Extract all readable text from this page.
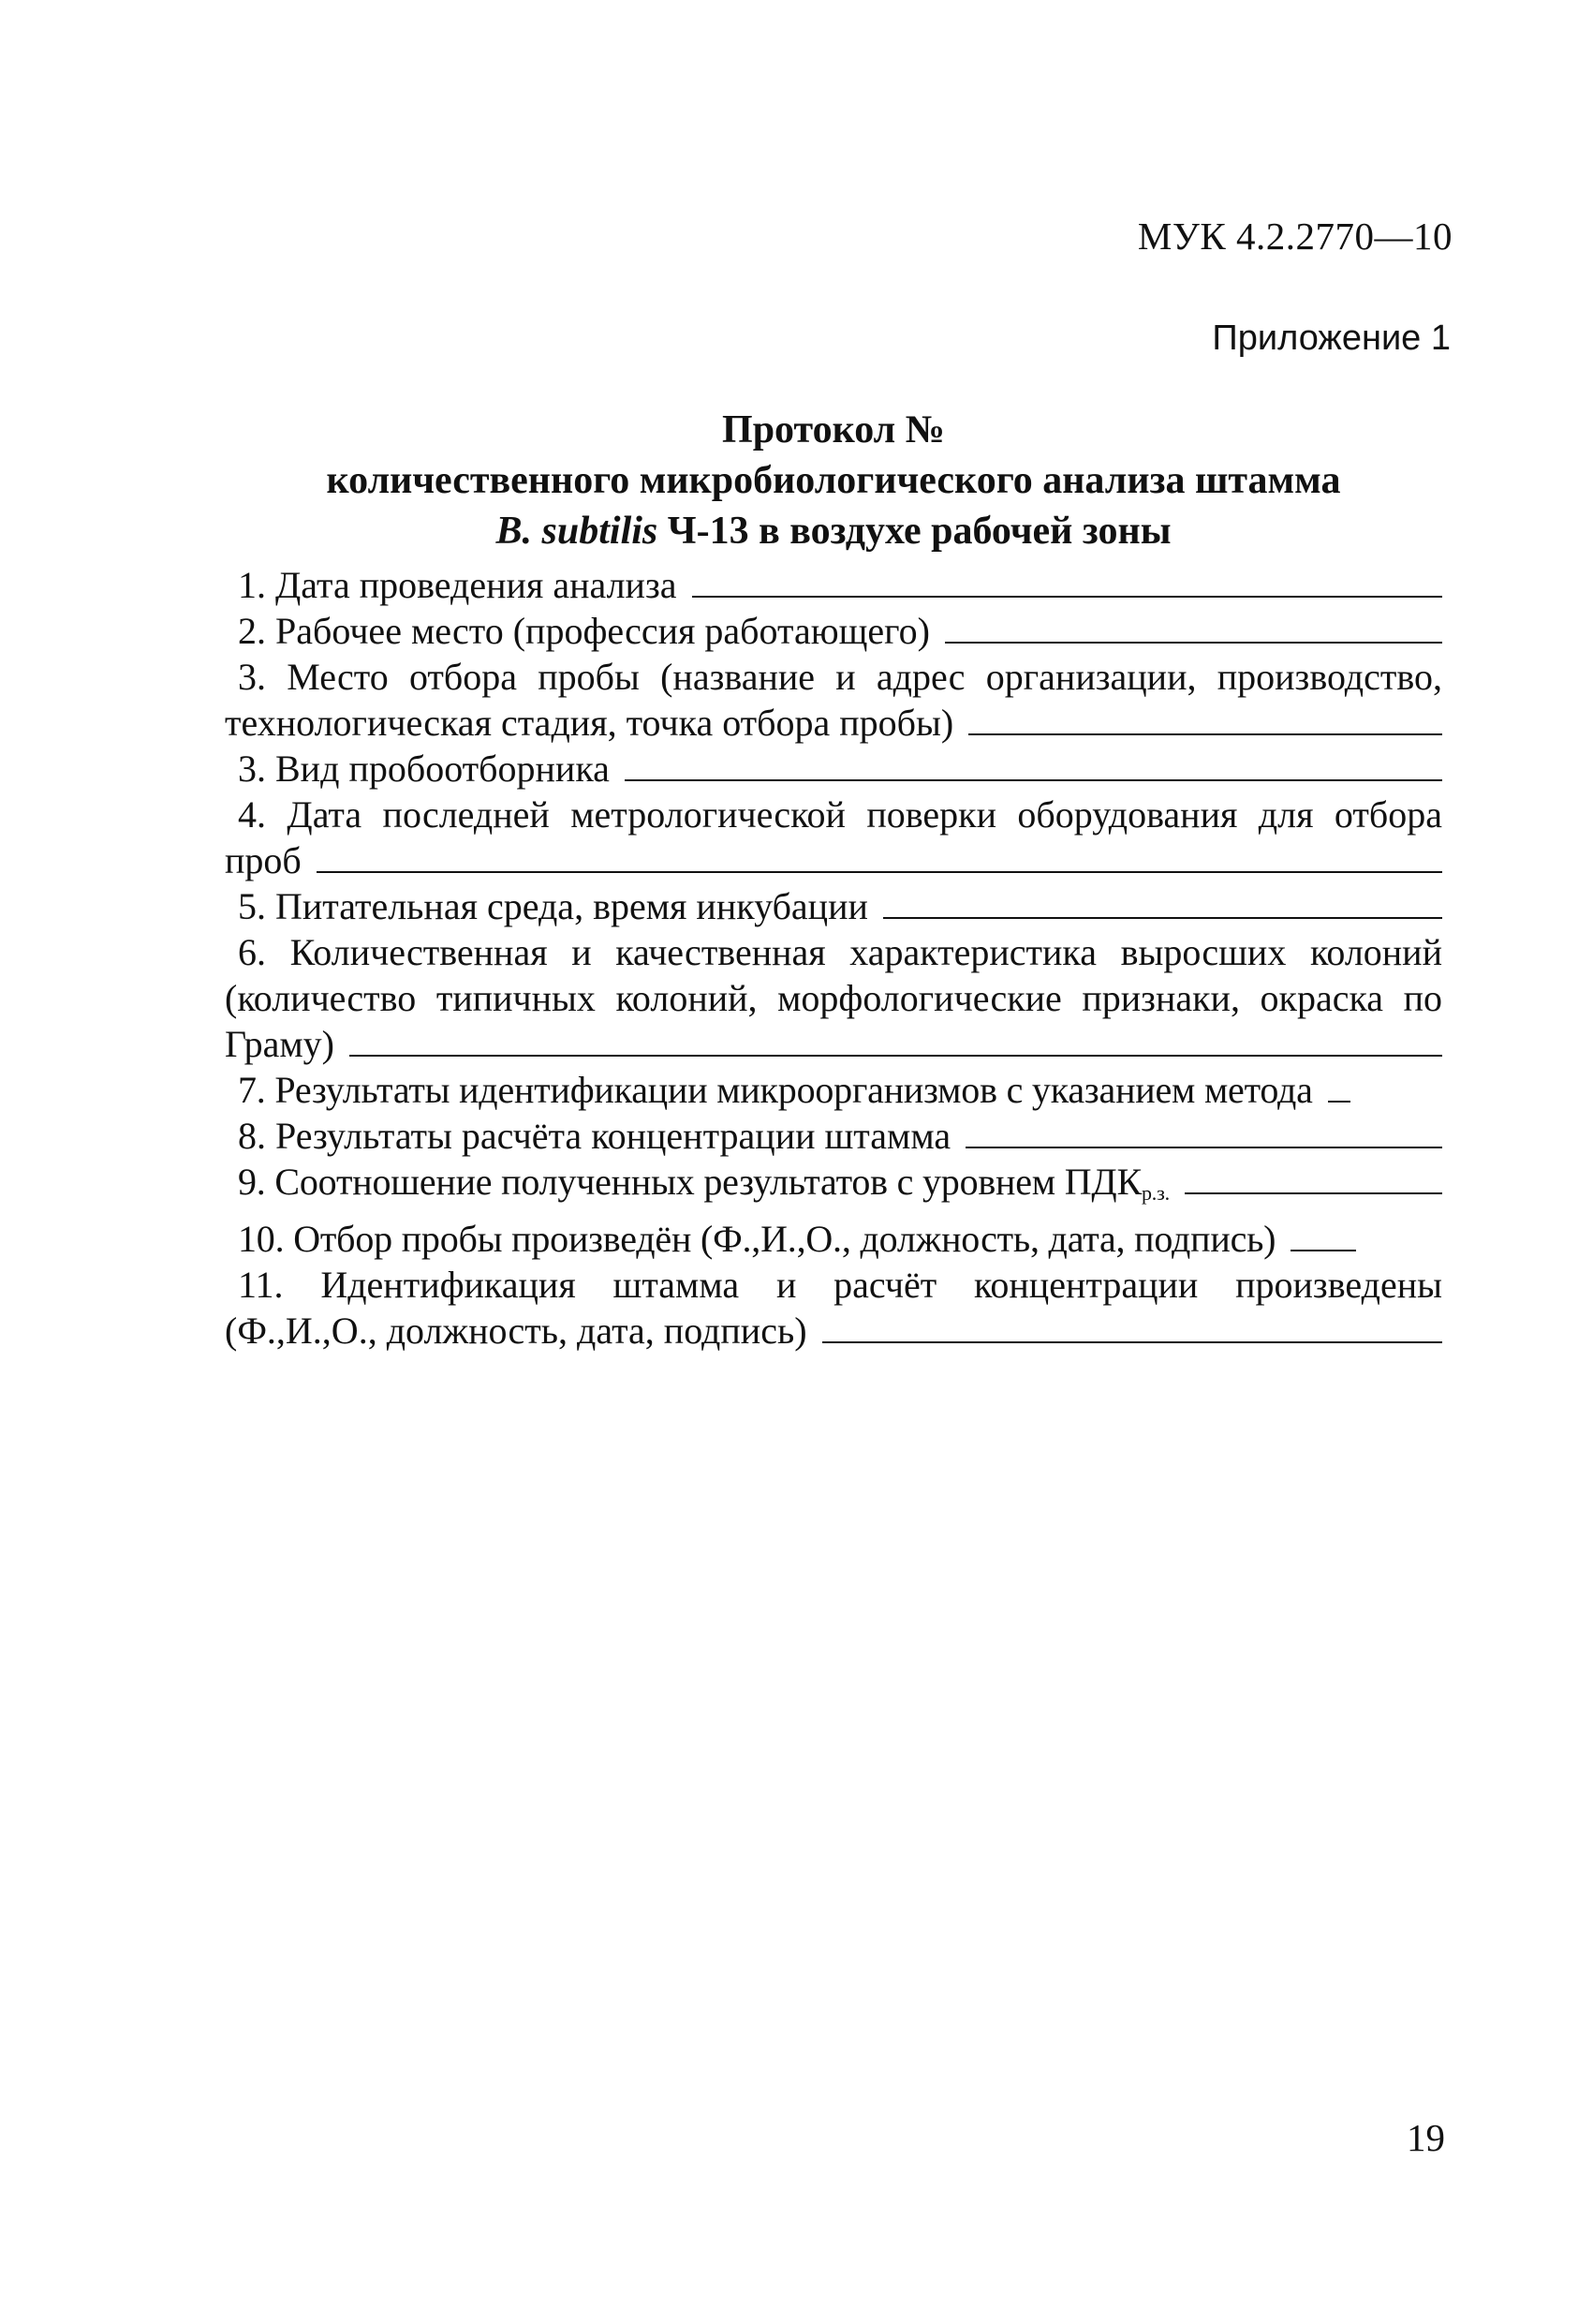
МУК 4.2.2770—10
Приложение 1
Протокол №
количественного микробиологического анализа штамма
B. subtilis Ч-13 в воздухе рабочей зоны
1. Дата проведения анализа
2. Рабочее место (профессия работающего)
3. Место отбора пробы (название и адрес организации, производство,
технологическая стадия, точка отбора пробы)
3. Вид пробоотборника
4. Дата последней метрологической поверки оборудования для отбора
проб
5. Питательная среда, время инкубации
6. Количественная и качественная характеристика выросших колоний
(количество типичных колоний, морфологические признаки, окраска по
Граму)
7. Результаты идентификации микроорганизмов с указанием метода
8. Результаты расчёта концентрации штамма
9. Соотношение полученных результатов с уровнем $ПДК_{р.з.}$
10. Отбор пробы произведён (Ф.,И.,О., должность, дата, подпись)
11. Идентификация штамма и расчёт концентрации произведены
(Ф.,И.,О., должность, дата, подпись)
19
